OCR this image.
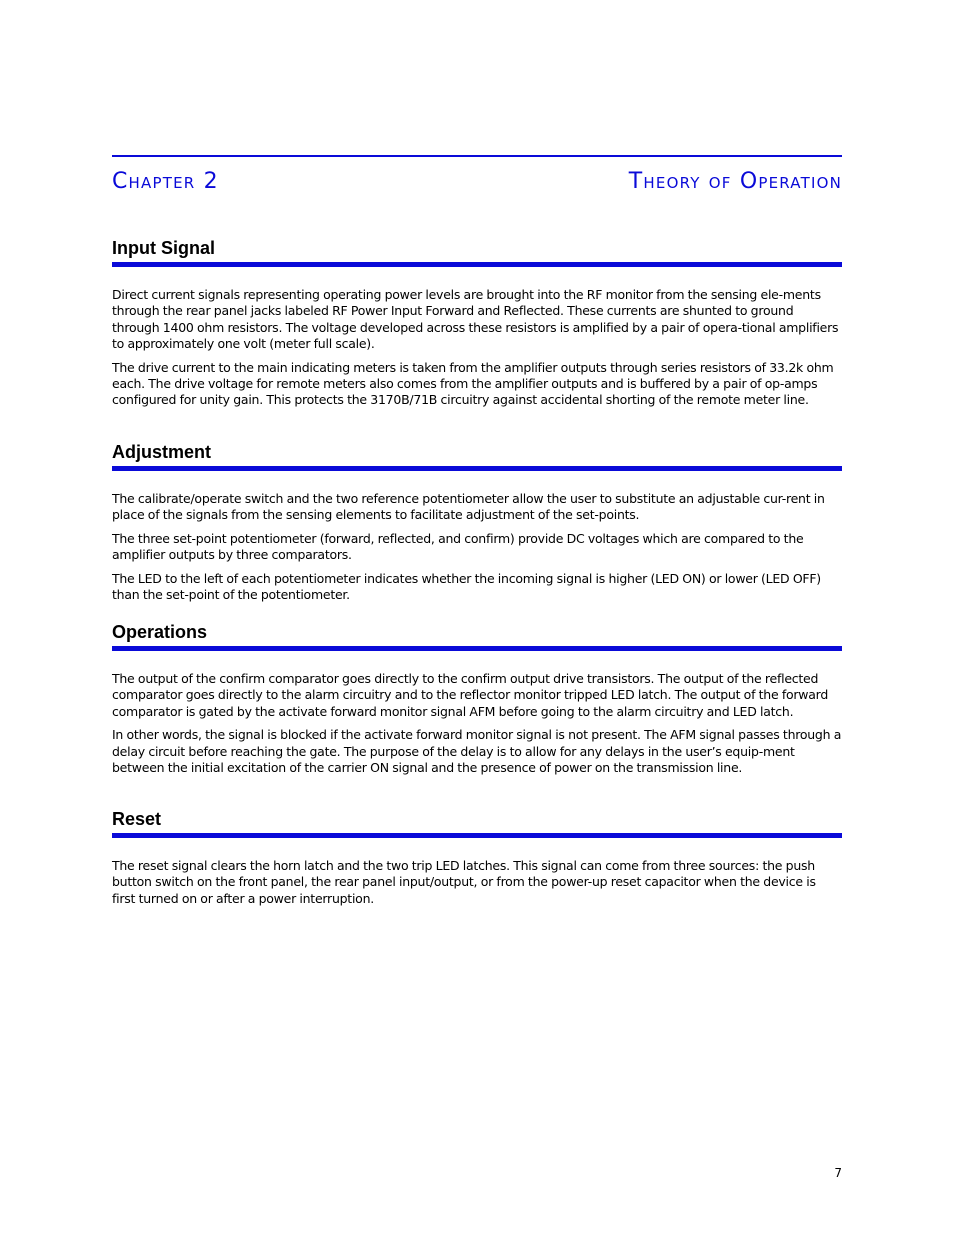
Chapter 2	Theory of Operation
Input Signal

Direct current signals representing operating power levels are brought into the RF monitor from the sensing ele-ments through the rear panel jacks labeled RF Power Input Forward and Reflected. These currents are shunted to ground through 1400 ohm resistors. The voltage developed across these resistors is amplified by a pair of opera-tional amplifiers to approximately one volt (meter full scale).

The drive current to the main indicating meters is taken from the amplifier outputs through series resistors of 33.2k ohm each. The drive voltage for remote meters also comes from the amplifier outputs and is buffered by a pair of op-amps configured for unity gain. This protects the 3170B/71B circuitry against accidental shorting of the remote meter line.

Adjustment

The calibrate/operate switch and the two reference potentiometer allow the user to substitute an adjustable cur-rent in place of the signals from the sensing elements to facilitate adjustment of the set-points.

The three set-point potentiometer (forward, reflected, and confirm) provide DC voltages which are compared to the amplifier outputs by three comparators.

The LED to the left of each potentiometer indicates whether the incoming signal is higher (LED ON) or lower (LED OFF) than the set-point of the potentiometer.

Operations

The output of the confirm comparator goes directly to the confirm output drive transistors. The output of the reflected comparator goes directly to the alarm circuitry and to the reflector monitor tripped LED latch. The output of the forward comparator is gated by the activate forward monitor signal AFM before going to the alarm circuitry and LED latch.

In other words, the signal is blocked if the activate forward monitor signal is not present. The AFM signal passes through a delay circuit before reaching the gate. The purpose of the delay is to allow for any delays in the user’s equip-ment between the initial excitation of the carrier ON signal and the presence of power on the transmission line.

Reset

The reset signal clears the horn latch and the two trip LED latches. This signal can come from three sources: the push button switch on the front panel, the rear panel input/output, or from the power-up reset capacitor when the device is first turned on or after a power interruption.

7
